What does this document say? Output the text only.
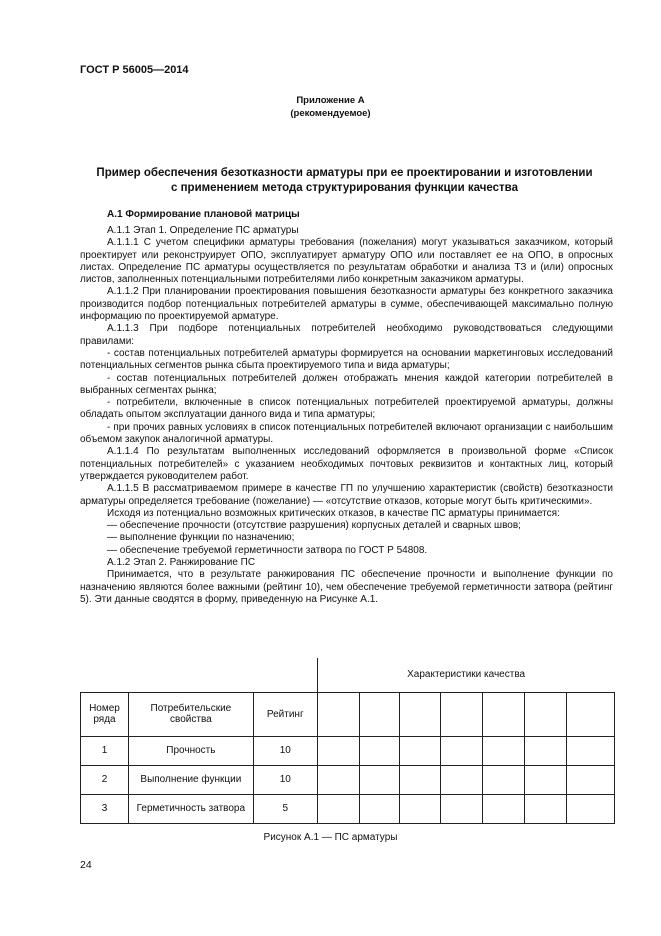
ГОСТ Р 56005—2014
Приложение А
(рекомендуемое)
Пример обеспечения безотказности арматуры при ее проектировании и изготовлении
с применением метода структурирования функции качества
А.1 Формирование плановой матрицы

А.1.1 Этап 1. Определение ПС арматуры

А.1.1.1 С учетом специфики арматуры требования (пожелания) могут указываться заказчиком, который проектирует или реконструирует ОПО, эксплуатирует арматуру ОПО или поставляет ее на ОПО, в опросных листах. Определение ПС арматуры осуществляется по результатам обработки и анализа ТЗ и (или) опросных листов, заполненных потенциальными потребителями либо конкретным заказчиком арматуры.

А.1.1.2 При планировании проектирования повышения безотказности арматуры без конкретного заказчика производится подбор потенциальных потребителей арматуры в сумме, обеспечивающей максимально полную информацию по проектируемой арматуре.

А.1.1.3 При подборе потенциальных потребителей необходимо руководствоваться следующими правилами:

- состав потенциальных потребителей арматуры формируется на основании маркетинговых исследований потенциальных сегментов рынка сбыта проектируемого типа и вида арматуры;

- состав потенциальных потребителей должен отображать мнения каждой категории потребителей в выбранных сегментах рынка;

- потребители, включенные в список потенциальных потребителей проектируемой арматуры, должны обладать опытом эксплуатации данного вида и типа арматуры;

- при прочих равных условиях в список потенциальных потребителей включают организации с наибольшим объемом закупок аналогичной арматуры.

А.1.1.4 По результатам выполненных исследований оформляется в произвольной форме «Список потенциальных потребителей» с указанием необходимых почтовых реквизитов и контактных лиц, который утверждается руководителем работ.

А.1.1.5 В рассматриваемом примере в качестве ГП по улучшению характеристик (свойств) безотказности арматуры определяется требование (пожелание) — «отсутствие отказов, которые могут быть критическими».

Исходя из потенциально возможных критических отказов, в качестве ПС арматуры принимается:

— обеспечение прочности (отсутствие разрушения) корпусных деталей и сварных швов;

— выполнение функции по назначению;

— обеспечение требуемой герметичности затвора по ГОСТ Р 54808.

А.1.2 Этап 2. Ранжирование ПС

Принимается, что в результате ранжирования ПС обеспечение прочности и выполнение функции по назначению являются более важными (рейтинг 10), чем обеспечение требуемой герметичности затвора (рейтинг 5). Эти данные сводятся в форму, приведенную на Рисунке А.1.

			Характеристики качества						
Номер ряда	Потребительские свойства	Рейтинг							
1	Прочность	10							
2	Выполнение функции	10							
3	Герметичность затвора	5							
Рисунок А.1 — ПС арматуры
24
